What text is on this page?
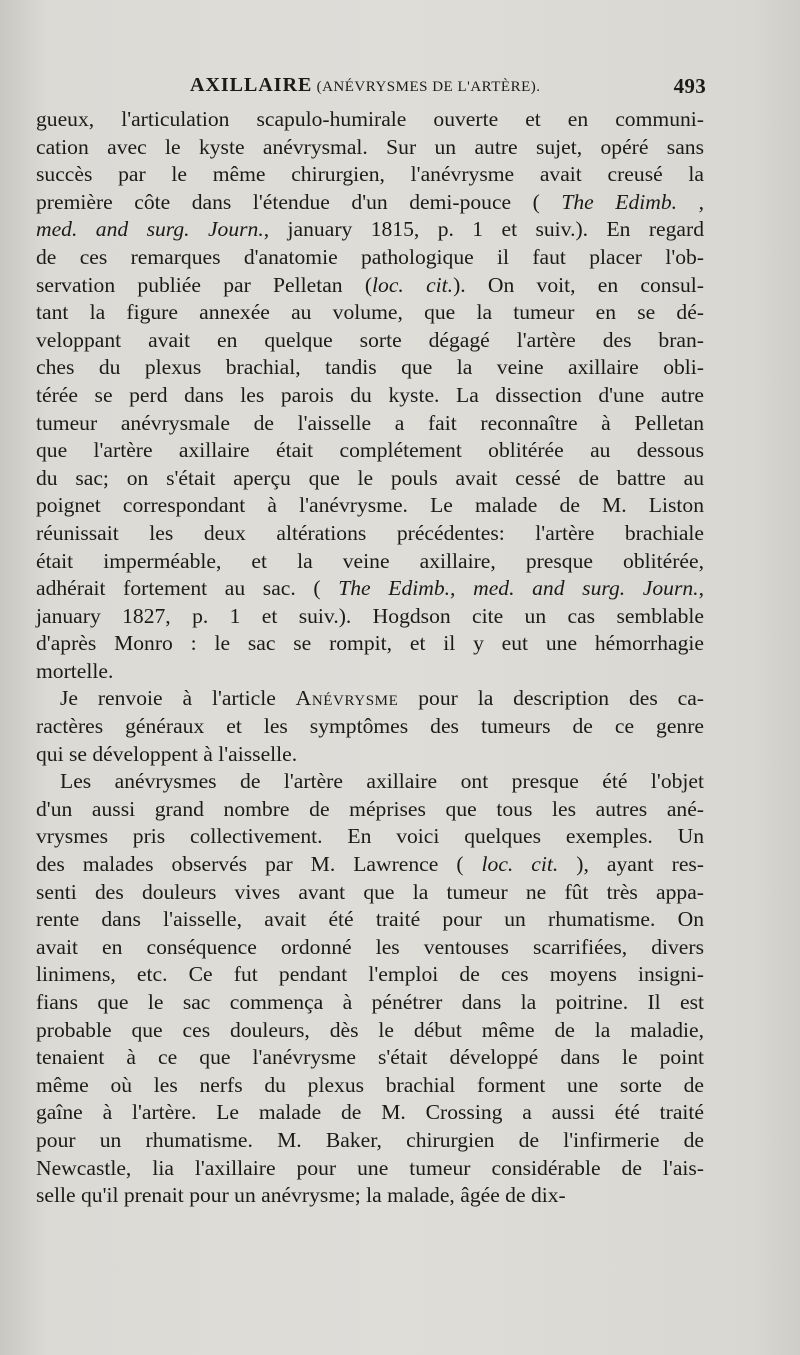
AXILLAIRE (ANÉVRYSMES DE L'ARTÈRE).	493

gueux, l'articulation scapulo-humirale ouverte et en communi-
cation avec le kyste anévrysmal. Sur un autre sujet, opéré sans
succès par le même chirurgien, l'anévrysme avait creusé la
première côte dans l'étendue d'un demi-pouce ( The Edimb. ,
med. and surg. Journ., january 1815, p. 1 et suiv.). En regard
de ces remarques d'anatomie pathologique il faut placer l'ob-
servation publiée par Pelletan (loc. cit.). On voit, en consul-
tant la figure annexée au volume, que la tumeur en se dé-
veloppant avait en quelque sorte dégagé l'artère des bran-
ches du plexus brachial, tandis que la veine axillaire obli-
térée se perd dans les parois du kyste. La dissection d'une autre
tumeur anévrysmale de l'aisselle a fait reconnaître à Pelletan
que l'artère axillaire était complétement oblitérée au dessous
du sac; on s'était aperçu que le pouls avait cessé de battre au
poignet correspondant à l'anévrysme. Le malade de M. Liston
réunissait les deux altérations précédentes: l'artère brachiale
était imperméable, et la veine axillaire, presque oblitérée,
adhérait fortement au sac. ( The Edimb., med. and surg. Journ.,
january 1827, p. 1 et suiv.). Hogdson cite un cas semblable
d'après Monro : le sac se rompit, et il y eut une hémorrhagie
mortelle.

Je renvoie à l'article Anévrysme pour la description des ca-
ractères généraux et les symptômes des tumeurs de ce genre
qui se développent à l'aisselle.

Les anévrysmes de l'artère axillaire ont presque été l'objet
d'un aussi grand nombre de méprises que tous les autres ané-
vrysmes pris collectivement. En voici quelques exemples. Un
des malades observés par M. Lawrence ( loc. cit. ), ayant res-
senti des douleurs vives avant que la tumeur ne fût très appa-
rente dans l'aisselle, avait été traité pour un rhumatisme. On
avait en conséquence ordonné les ventouses scarrifiées, divers
linimens, etc. Ce fut pendant l'emploi de ces moyens insigni-
fians que le sac commença à pénétrer dans la poitrine. Il est
probable que ces douleurs, dès le début même de la maladie,
tenaient à ce que l'anévrysme s'était développé dans le point
même où les nerfs du plexus brachial forment une sorte de
gaîne à l'artère. Le malade de M. Crossing a aussi été traité
pour un rhumatisme. M. Baker, chirurgien de l'infirmerie de
Newcastle, lia l'axillaire pour une tumeur considérable de l'ais-
selle qu'il prenait pour un anévrysme; la malade, âgée de dix-
